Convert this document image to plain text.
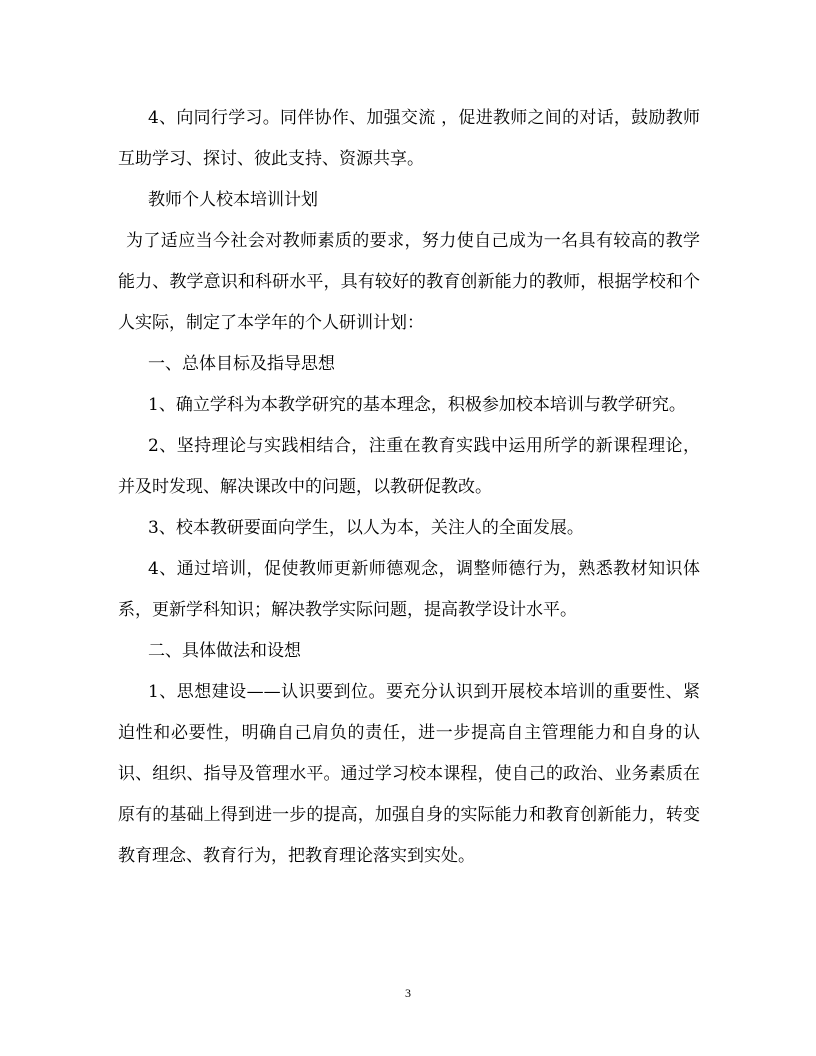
4、向同行学习。同伴协作、加强交流 ，促进教师之间的对话，鼓励教师互助学习、探讨、彼此支持、资源共享。

教师个人校本培训计划

为了适应当今社会对教师素质的要求，努力使自己成为一名具有较高的教学能力、教学意识和科研水平，具有较好的教育创新能力的教师，根据学校和个人实际，制定了本学年的个人研训计划：

一、总体目标及指导思想

1、确立学科为本教学研究的基本理念，积极参加校本培训与教学研究。

2、坚持理论与实践相结合，注重在教育实践中运用所学的新课程理论，并及时发现、解决课改中的问题，以教研促教改。

3、校本教研要面向学生，以人为本，关注人的全面发展。

4、通过培训，促使教师更新师德观念，调整师德行为，熟悉教材知识体系，更新学科知识；解决教学实际问题，提高教学设计水平。

二、具体做法和设想

1、思想建设——认识要到位。要充分认识到开展校本培训的重要性、紧迫性和必要性，明确自己肩负的责任，进一步提高自主管理能力和自身的认识、组织、指导及管理水平。通过学习校本课程，使自己的政治、业务素质在原有的基础上得到进一步的提高，加强自身的实际能力和教育创新能力，转变教育理念、教育行为，把教育理论落实到实处。

3
